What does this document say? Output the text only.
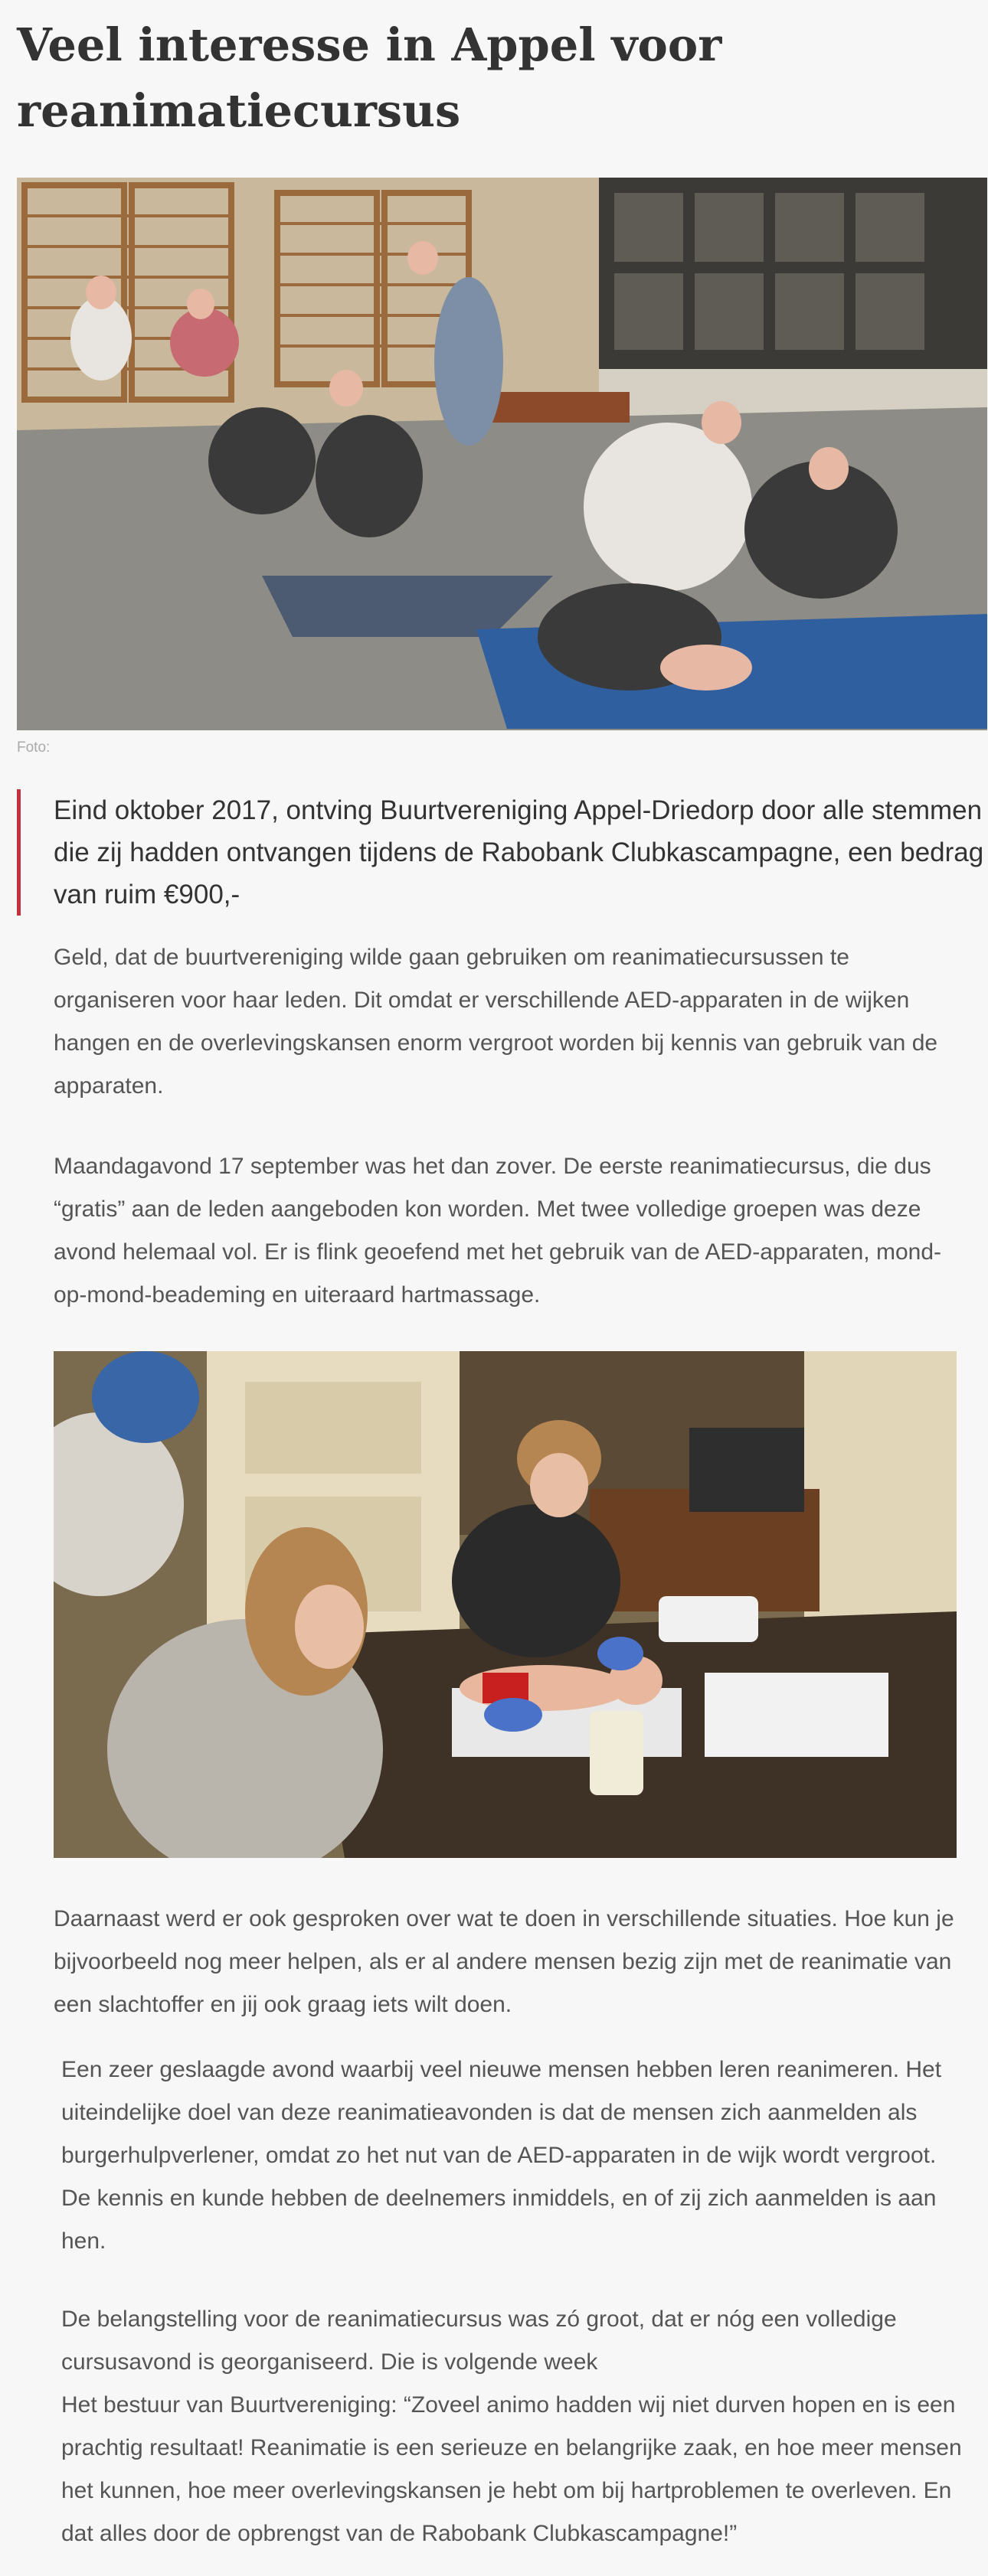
Veel interesse in Appel voor reanimatiecursus
Foto:

Eind oktober 2017, ontving Buurtvereniging Appel-Driedorp door alle stemmen die zij hadden ontvangen tijdens de Rabobank Clubkascampagne, een bedrag van ruim €900,-

Geld, dat de buurtvereniging wilde gaan gebruiken om reanimatiecursussen te organiseren voor haar leden. Dit omdat er verschillende AED-apparaten in de wijken hangen en de overlevingskansen enorm vergroot worden bij kennis van gebruik van de apparaten.

Maandagavond 17 september was het dan zover. De eerste reanimatiecursus, die dus “gratis” aan de leden aangeboden kon worden. Met twee volledige groepen was deze avond helemaal vol. Er is flink geoefend met het gebruik van de AED-apparaten, mond-op-mond-beademing en uiteraard hartmassage.

Daarnaast werd er ook gesproken over wat te doen in verschillende situaties. Hoe kun je bijvoorbeeld nog meer helpen, als er al andere mensen bezig zijn met de reanimatie van een slachtoffer en jij ook graag iets wilt doen.

Een zeer geslaagde avond waarbij veel nieuwe mensen hebben leren reanimeren. Het uiteindelijke doel van deze reanimatieavonden is dat de mensen zich aanmelden als burgerhulpverlener, omdat zo het nut van de AED-apparaten in de wijk wordt vergroot. De kennis en kunde hebben de deelnemers inmiddels, en of zij zich aanmelden is aan hen.

De belangstelling voor de reanimatiecursus was zó groot, dat er nóg een volledige cursusavond is georganiseerd. Die is volgende week
Het bestuur van Buurtvereniging: “Zoveel animo hadden wij niet durven hopen en is een prachtig resultaat! Reanimatie is een serieuze en belangrijke zaak, en hoe meer mensen het kunnen, hoe meer overlevingskansen je hebt om bij hartproblemen te overleven. En dat alles door de opbrengst van de Rabobank Clubkascampagne!”
